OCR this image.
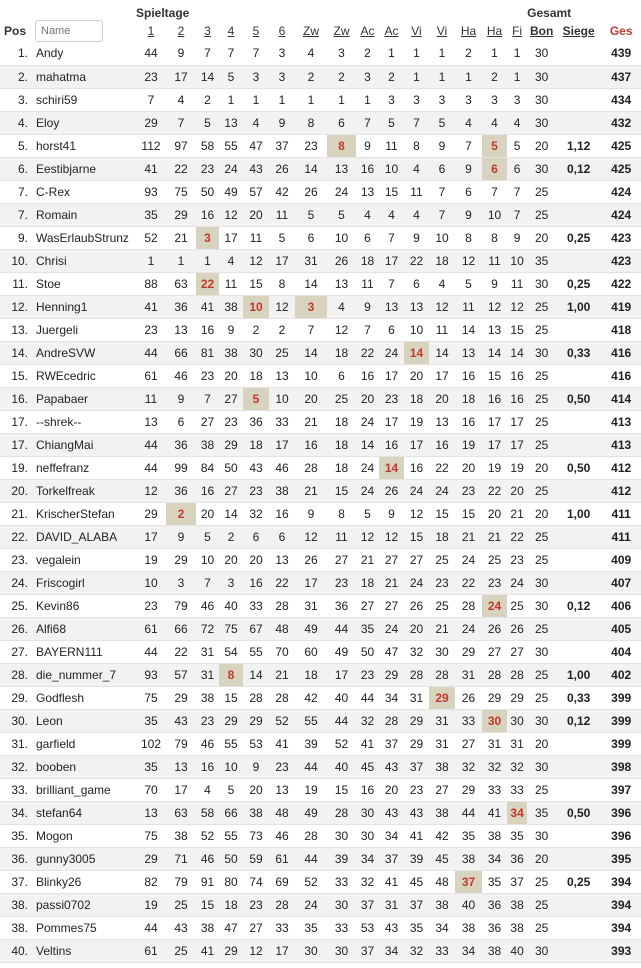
		Spieltage															Gesamt		
Pos	Name	1	2	3	4	5	6	Zw	Zw	Ac	Ac	Vi	Vi	Ha	Ha	Fi	Bon	Siege	Ges
1.	Andy	44	9	7	7	7	3	4	3	2	1	1	1	2	1	1	30		439
2.	mahatma	23	17	14	5	3	3	2	2	3	2	1	1	1	2	1	30		437
3.	schiri59	7	4	2	1	1	1	1	1	1	3	3	3	3	3	3	30		434
4.	Eloy	29	7	5	13	4	9	8	6	7	5	7	5	4	4	4	30		432
5.	horst41	112	97	58	55	47	37	23	8	9	11	8	9	7	5	5	20	1,12	425
6.	Eestibjarne	41	22	23	24	43	26	14	13	16	10	4	6	9	6	6	30	0,12	425
7.	C-Rex	93	75	50	49	57	42	26	24	13	15	11	7	6	7	7	25		424
7.	Romain	35	29	16	12	20	11	5	5	4	4	4	7	9	10	7	25		424
9.	WasErlaubStrunz	52	21	3	17	11	5	6	10	6	7	9	10	8	8	9	20	0,25	423
10.	Chrisi	1	1	1	4	12	17	31	26	18	17	22	18	12	11	10	35		423
11.	Stoe	88	63	22	11	15	8	14	13	11	7	6	4	5	9	11	30	0,25	422
12.	Henning1	41	36	41	38	10	12	3	4	9	13	13	12	11	12	12	25	1,00	419
13.	Juergeli	23	13	16	9	2	2	7	12	7	6	10	11	14	13	15	25		418
14.	AndreSVW	44	66	81	38	30	25	14	18	22	24	14	14	13	14	14	30	0,33	416
15.	RWEcedric	61	46	23	20	18	13	10	6	16	17	20	17	16	15	16	25		416
16.	Papabaer	11	9	7	27	5	10	20	25	20	23	18	20	18	16	16	25	0,50	414
17.	--shrek--	13	6	27	23	36	33	21	18	24	17	19	13	16	17	17	25		413
17.	ChiangMai	44	36	38	29	18	17	16	18	14	16	17	16	19	17	17	25		413
19.	neffefranz	44	99	84	50	43	46	28	18	24	14	16	22	20	19	19	20	0,50	412
20.	Torkelfreak	12	36	16	27	23	38	21	15	24	26	24	24	23	22	20	25		412
21.	KrischerStefan	29	2	20	14	32	16	9	8	5	9	12	15	15	20	21	20	1,00	411
22.	DAVID_ALABA	17	9	5	2	6	6	12	11	12	12	15	18	21	21	22	25		411
23.	vegalein	19	29	10	20	20	13	26	27	21	27	27	25	24	25	23	25		409
24.	Friscogirl	10	3	7	3	16	22	17	23	18	21	24	23	22	23	24	30		407
25.	Kevin86	23	79	46	40	33	28	31	36	27	27	26	25	28	24	25	30	0,12	406
26.	Alfi68	61	66	72	75	67	48	49	44	35	24	20	21	24	26	26	25		405
27.	BAYERN111	44	22	31	54	55	70	60	49	50	47	32	30	29	27	27	30		404
28.	die_nummer_7	93	57	31	8	14	21	18	17	23	29	28	28	31	28	28	25	1,00	402
29.	Godflesh	75	29	38	15	28	28	42	40	44	34	31	29	26	29	29	25	0,33	399
30.	Leon	35	43	23	29	29	52	55	44	32	28	29	31	33	30	30	30	0,12	399
31.	garfield	102	79	46	55	53	41	39	52	41	37	29	31	27	31	31	20		399
32.	booben	35	13	16	10	9	23	44	40	45	43	37	38	32	32	32	30		398
33.	brilliant_game	70	17	4	5	20	13	19	15	16	20	23	27	29	33	33	25		397
34.	stefan64	13	63	58	66	38	48	49	28	30	43	43	38	44	41	34	35	0,50	396
35.	Mogon	75	38	52	55	73	46	28	30	30	34	41	42	35	38	35	30		396
36.	gunny3005	29	71	46	50	59	61	44	39	34	37	39	45	38	34	36	20		395
37.	Blinky26	82	79	91	80	74	69	52	33	32	41	45	48	37	35	37	25	0,25	394
38.	passi0702	19	25	15	18	23	28	24	30	37	31	37	38	40	36	38	25		394
38.	Pommes75	44	43	38	47	27	33	35	33	53	43	35	34	38	36	38	25		394
40.	Veltins	61	25	41	29	12	17	30	30	37	34	32	33	34	38	40	30		393
